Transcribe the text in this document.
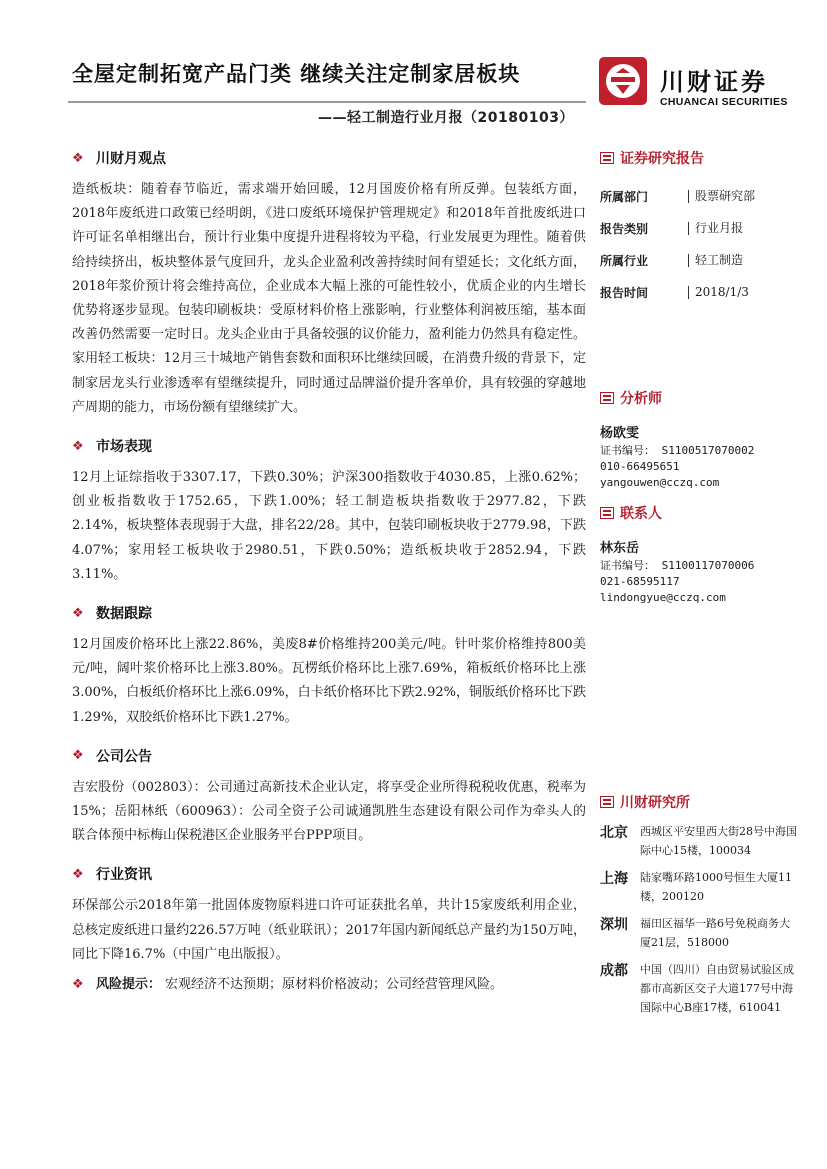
全屋定制拓宽产品门类 继续关注定制家居板块
——轻工制造行业月报（20180103）
川财证券
CHUANCAI SECURITIES
❖ 川财月观点

造纸板块：随着春节临近，需求端开始回暖，12月国废价格有所反弹。包装纸方面，2018年废纸进口政策已经明朗，《进口废纸环境保护管理规定》和2018年首批废纸进口许可证名单相继出台，预计行业集中度提升进程将较为平稳，行业发展更为理性。随着供给持续挤出，板块整体景气度回升，龙头企业盈利改善持续时间有望延长；文化纸方面，2018年浆价预计将会维持高位，企业成本大幅上涨的可能性较小，优质企业的内生增长优势将逐步显现。包装印刷板块：受原材料价格上涨影响，行业整体利润被压缩，基本面改善仍然需要一定时日。龙头企业由于具备较强的议价能力，盈利能力仍然具有稳定性。家用轻工板块：12月三十城地产销售套数和面积环比继续回暖，在消费升级的背景下，定制家居龙头行业渗透率有望继续提升，同时通过品牌溢价提升客单价，具有较强的穿越地产周期的能力，市场份额有望继续扩大。

❖ 市场表现

12月上证综指收于3307.17，下跌0.30%；沪深300指数收于4030.85，上涨0.62%；创业板指数收于1752.65，下跌1.00%；轻工制造板块指数收于2977.82，下跌2.14%，板块整体表现弱于大盘，排名22/28。其中，包装印刷板块收于2779.98，下跌4.07%；家用轻工板块收于2980.51，下跌0.50%；造纸板块收于2852.94，下跌3.11%。

❖ 数据跟踪

12月国废价格环比上涨22.86%，美废8#价格维持200美元/吨。针叶浆价格维持800美元/吨，阔叶浆价格环比上涨3.80%。瓦楞纸价格环比上涨7.69%，箱板纸价格环比上涨3.00%，白板纸价格环比上涨6.09%，白卡纸价格环比下跌2.92%，铜版纸价格环比下跌1.29%，双胶纸价格环比下跌1.27%。

❖ 公司公告

吉宏股份（002803）：公司通过高新技术企业认定，将享受企业所得税税收优惠，税率为15%；岳阳林纸（600963）：公司全资子公司诚通凯胜生态建设有限公司作为牵头人的联合体预中标梅山保税港区企业服务平台PPP项目。

❖ 行业资讯

环保部公示2018年第一批固体废物原料进口许可证获批名单，共计15家废纸利用企业，总核定废纸进口量约226.57万吨（纸业联讯）；2017年国内新闻纸总产量约为150万吨，同比下降16.7%（中国广电出版报）。

❖ 风险提示： 宏观经济不达预期；原材料价格波动；公司经营管理风险。
证券研究报告
所属部门	股票研究部
报告类别	行业月报
所属行业	轻工制造
报告时间	2018/1/3
分析师
杨欧雯
证书编号： S1100517070002
010-66495651
yangouwen@cczq.com
联系人
林东岳
证书编号： S1100117070006
021-68595117
lindongyue@cczq.com
川财研究所
北京	西城区平安里西大街28号中海国际中心15楼，100034
上海	陆家嘴环路1000号恒生大厦11楼，200120
深圳	福田区福华一路6号免税商务大厦21层，518000
成都	中国（四川）自由贸易试验区成都市高新区交子大道177号中海国际中心B座17楼，610041
